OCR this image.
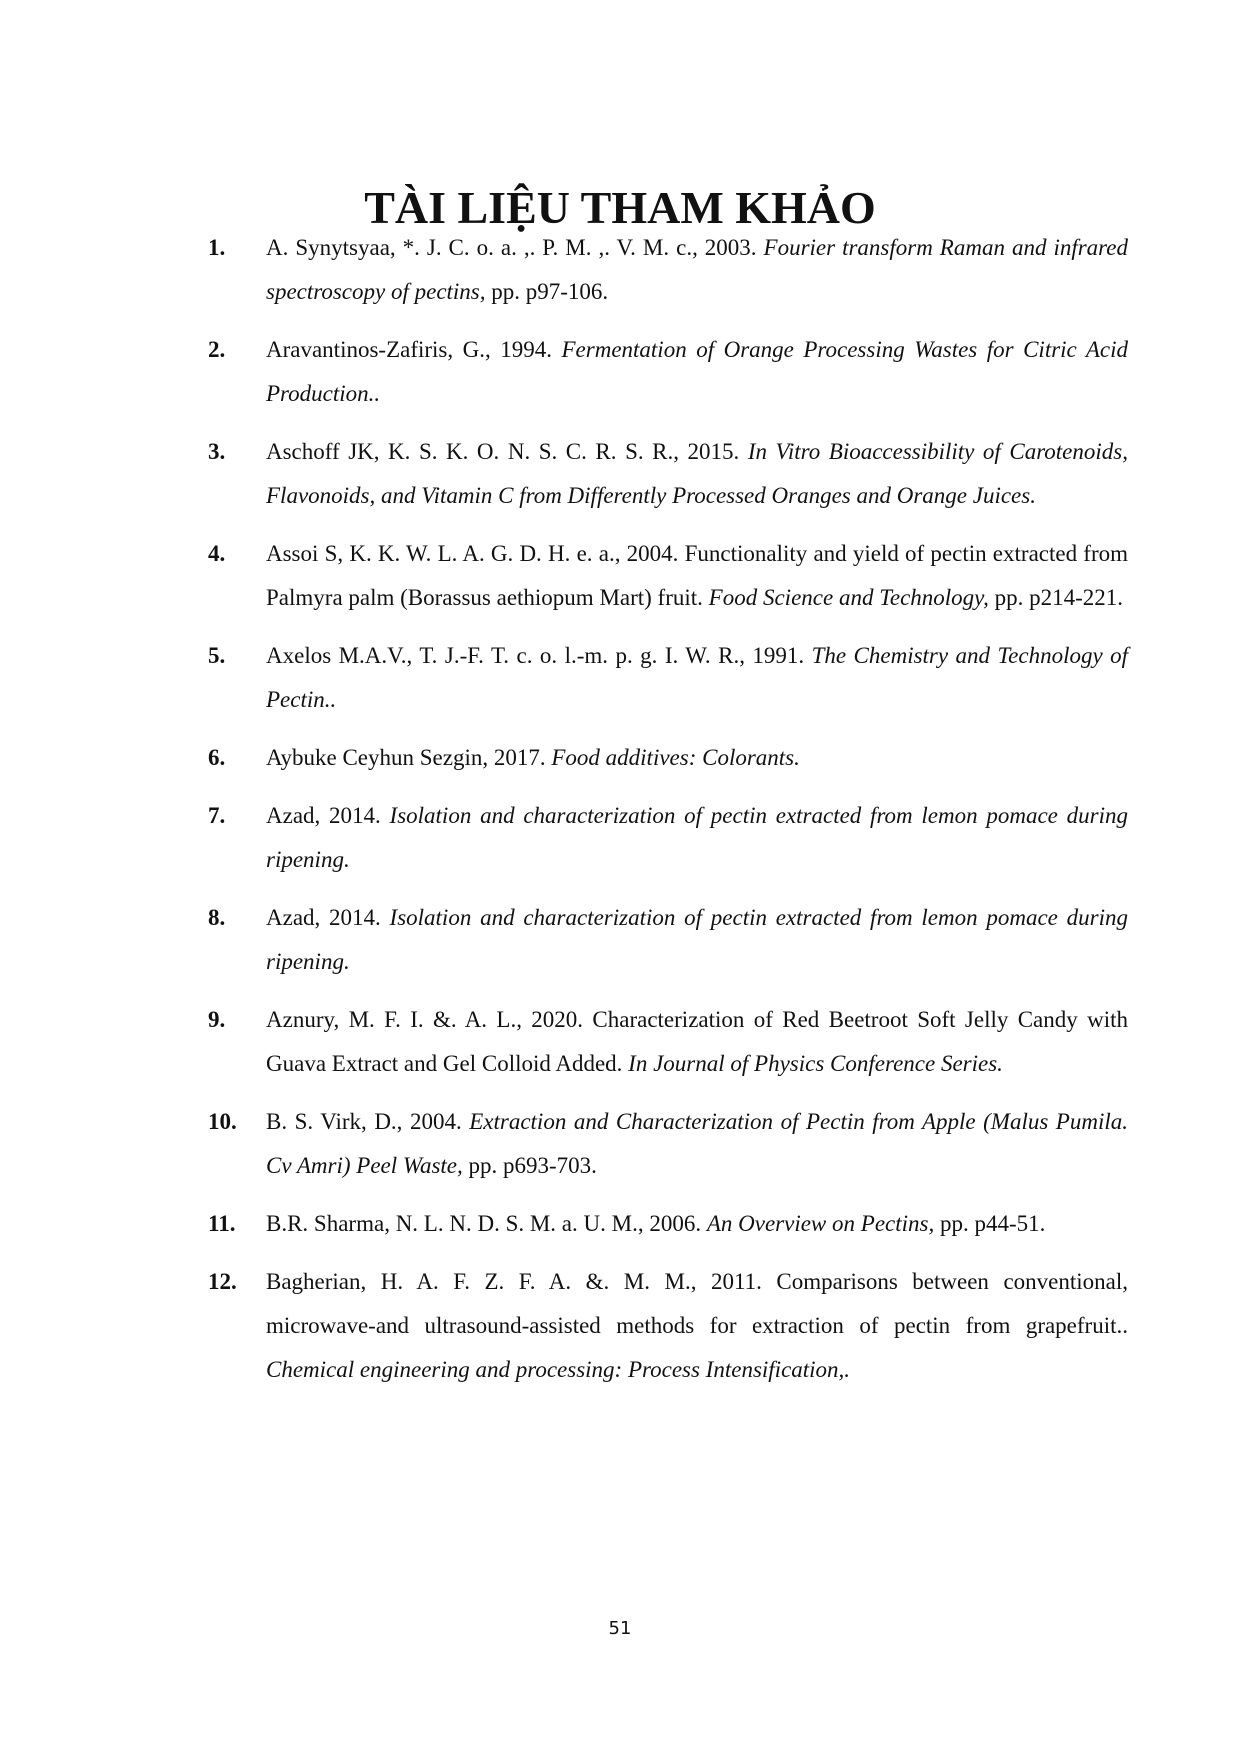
TÀI LIỆU THAM KHẢO
1.	A. Synytsyaa, *. J. C. o. a. ,. P. M. ,. V. M. c., 2003. Fourier transform Raman and infrared spectroscopy of pectins, pp. p97-106.
2.	Aravantinos-Zafiris, G., 1994. Fermentation of Orange Processing Wastes for Citric Acid Production..
3.	Aschoff JK, K. S. K. O. N. S. C. R. S. R., 2015. In Vitro Bioaccessibility of Carotenoids, Flavonoids, and Vitamin C from Differently Processed Oranges and Orange Juices.
4.	Assoi S, K. K. W. L. A. G. D. H. e. a., 2004. Functionality and yield of pectin extracted from Palmyra palm (Borassus aethiopum Mart) fruit. Food Science and Technology, pp. p214-221.
5.	Axelos M.A.V., T. J.-F. T. c. o. l.-m. p. g. I. W. R., 1991. The Chemistry and Technology of Pectin..
6.	Aybuke Ceyhun Sezgin, 2017. Food additives: Colorants.
7.	Azad, 2014. Isolation and characterization of pectin extracted from lemon pomace during ripening.
8.	Azad, 2014. Isolation and characterization of pectin extracted from lemon pomace during ripening.
9.	Aznury, M. F. I. &. A. L., 2020. Characterization of Red Beetroot Soft Jelly Candy with Guava Extract and Gel Colloid Added. In Journal of Physics Conference Series.
10.	B. S. Virk, D., 2004. Extraction and Characterization of Pectin from Apple (Malus Pumila. Cv Amri) Peel Waste, pp. p693-703.
11.	B.R. Sharma, N. L. N. D. S. M. a. U. M., 2006. An Overview on Pectins, pp. p44-51.
12.	Bagherian, H. A. F. Z. F. A. &. M. M., 2011. Comparisons between conventional, microwave-and ultrasound-assisted methods for extraction of pectin from grapefruit.. Chemical engineering and processing: Process Intensification,.
51
